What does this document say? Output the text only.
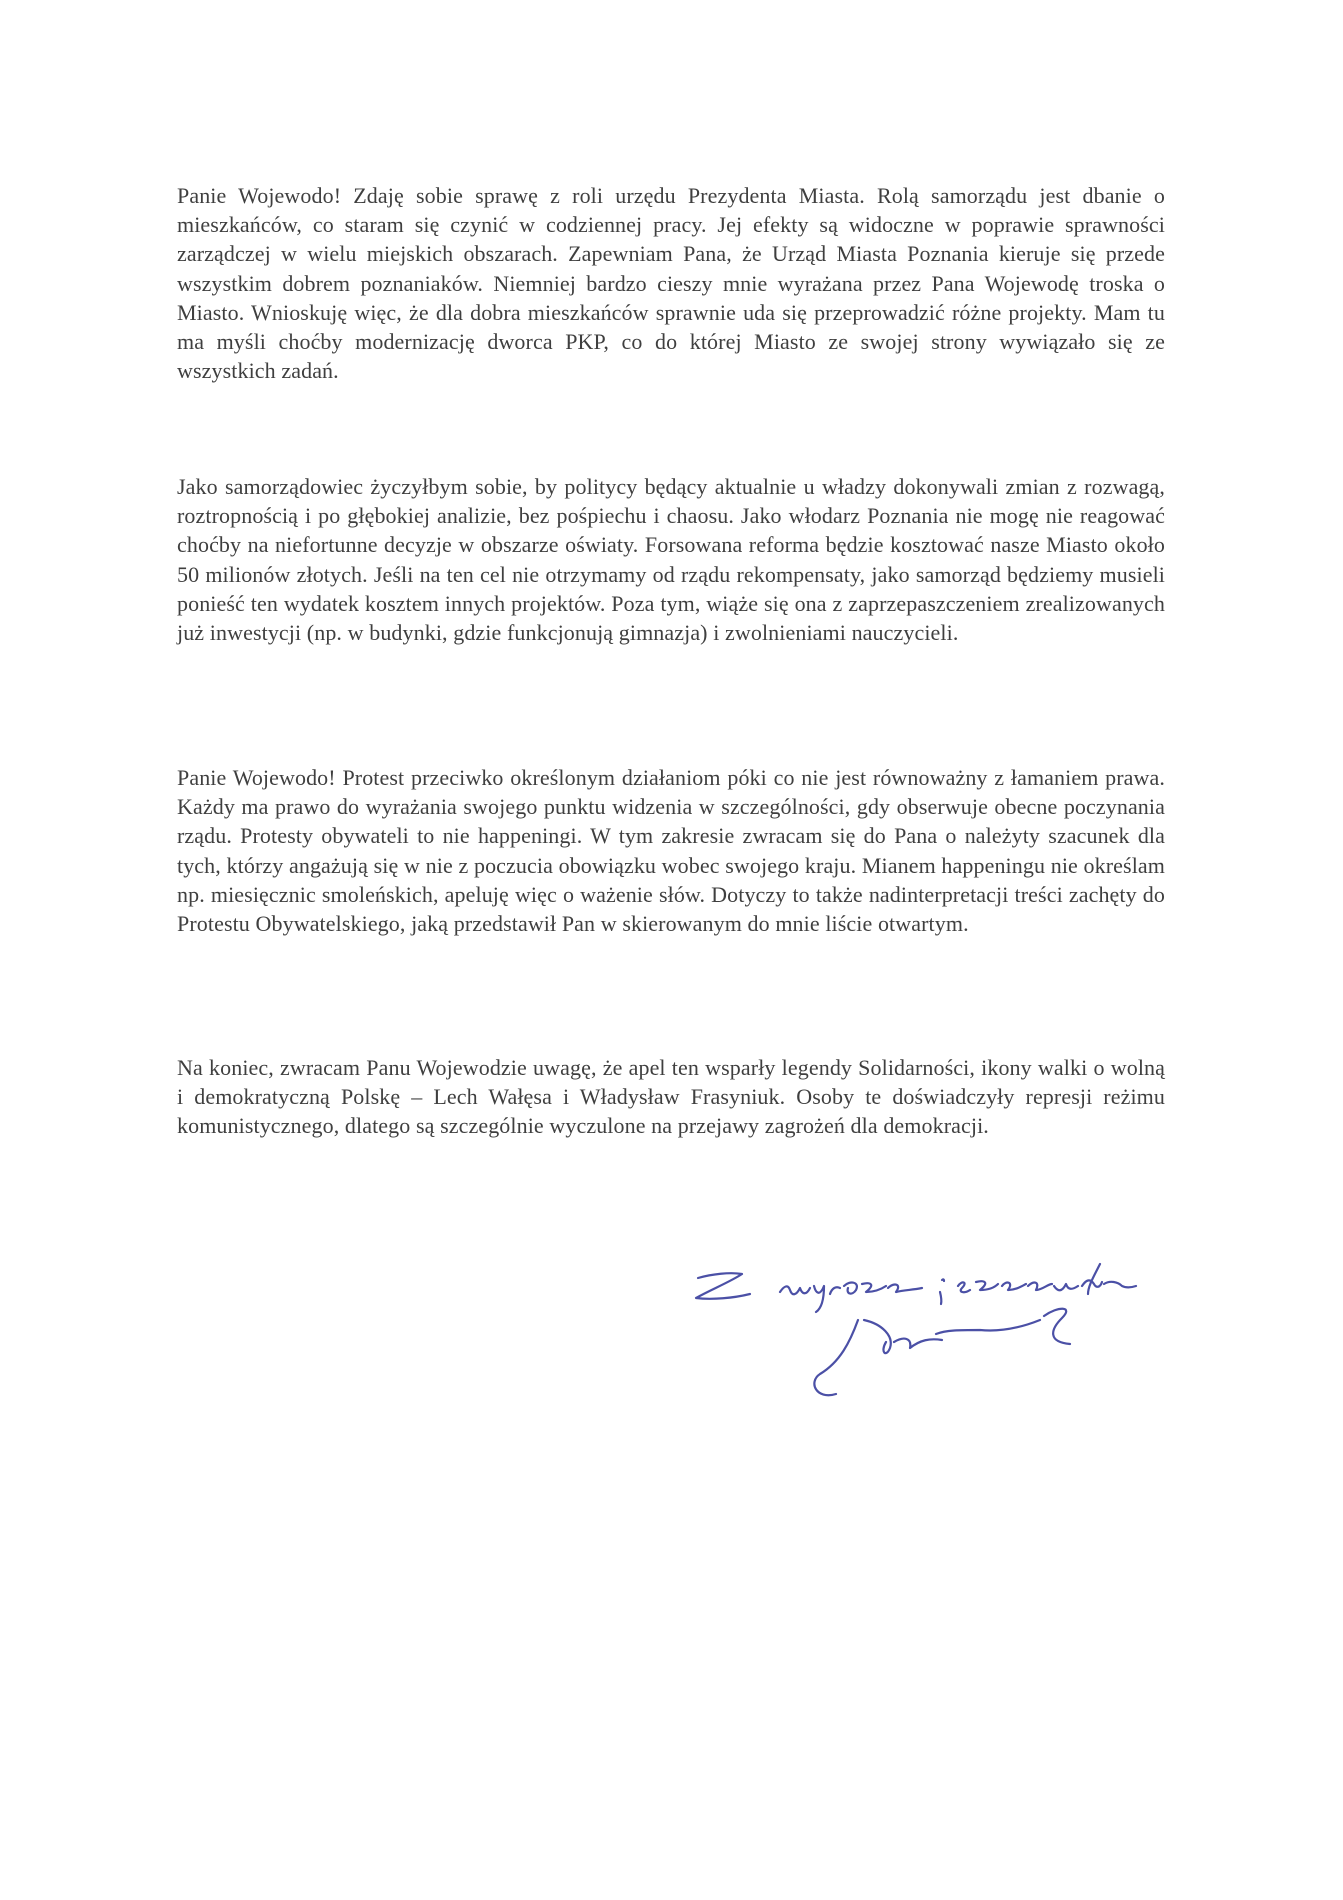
Panie Wojewodo! Zdaję sobie sprawę z roli urzędu Prezydenta Miasta. Rolą samorządu jest dbanie o mieszkańców, co staram się czynić w codziennej pracy. Jej efekty są widoczne w poprawie sprawności zarządczej w wielu miejskich obszarach. Zapewniam Pana, że Urząd Miasta Poznania kieruje się przede wszystkim dobrem poznaniaków. Niemniej bardzo cieszy mnie wyrażana przez Pana Wojewodę troska o Miasto. Wnioskuję więc, że dla dobra mieszkańców sprawnie uda się przeprowadzić różne projekty. Mam tu ma myśli choćby modernizację dworca PKP, co do której Miasto ze swojej strony wywiązało się ze wszystkich zadań.

Jako samorządowiec życzyłbym sobie, by politycy będący aktualnie u władzy dokonywali zmian z rozwagą, roztropnością i po głębokiej analizie, bez pośpiechu i chaosu. Jako włodarz Poznania nie mogę nie reagować choćby na niefortunne decyzje w obszarze oświaty. Forsowana reforma będzie kosztować nasze Miasto około 50 milionów złotych. Jeśli na ten cel nie otrzymamy od rządu rekompensaty, jako samorząd będziemy musieli ponieść ten wydatek kosztem innych projektów. Poza tym, wiąże się ona z zaprzepaszczeniem zrealizowanych już inwestycji (np. w budynki, gdzie funkcjonują gimnazja) i zwolnieniami nauczycieli.

Panie Wojewodo! Protest przeciwko określonym działaniom póki co nie jest równoważny z łamaniem prawa. Każdy ma prawo do wyrażania swojego punktu widzenia w szczególności, gdy obserwuje obecne poczynania rządu. Protesty obywateli to nie happeningi. W tym zakresie zwracam się do Pana o należyty szacunek dla tych, którzy angażują się w nie z poczucia obowiązku wobec swojego kraju. Mianem happeningu nie określam np. miesięcznic smoleńskich, apeluję więc o ważenie słów. Dotyczy to także nadinterpretacji treści zachęty do Protestu Obywatelskiego, jaką przedstawił Pan w skierowanym do mnie liście otwartym.

Na koniec, zwracam Panu Wojewodzie uwagę, że apel ten wsparły legendy Solidarności, ikony walki o wolną i demokratyczną Polskę – Lech Wałęsa i Władysław Frasyniuk. Osoby te doświadczyły represji reżimu komunistycznego, dlatego są szczególnie wyczulone na przejawy zagrożeń dla demokracji.
